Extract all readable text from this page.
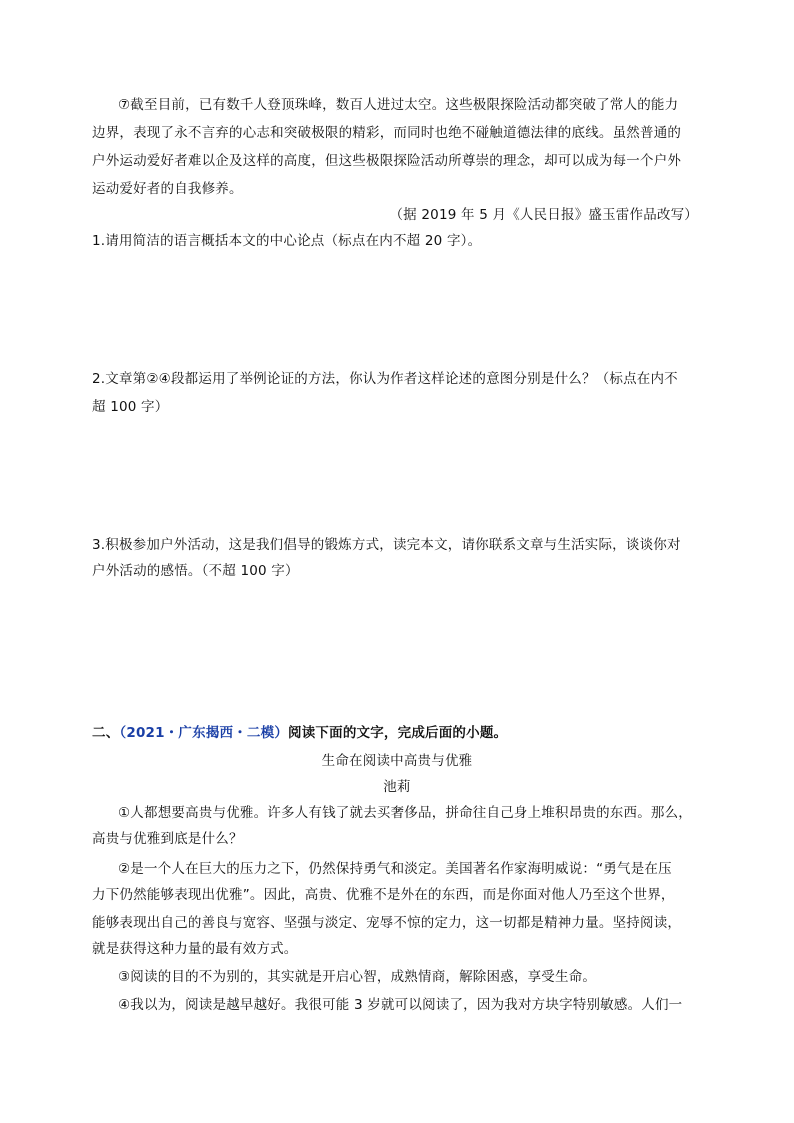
⑦截至目前，已有数千人登顶珠峰，数百人进过太空。这些极限探险活动都突破了常人的能力
边界，表现了永不言弃的心志和突破极限的精彩，而同时也绝不碰触道德法律的底线。虽然普通的
户外运动爱好者难以企及这样的高度，但这些极限探险活动所尊崇的理念，却可以成为每一个户外
运动爱好者的自我修养。
（据 2019 年 5 月《人民日报》盛玉雷作品改写）
1.请用简洁的语言概括本文的中心论点（标点在内不超 20 字）。
2.文章第②④段都运用了举例论证的方法，你认为作者这样论述的意图分别是什么？（标点在内不
超 100 字）
3.积极参加户外活动，这是我们倡导的锻炼方式，读完本文，请你联系文章与生活实际，谈谈你对
户外活动的感悟。（不超 100 字）
二、（2021・广东揭西・二模）阅读下面的文字，完成后面的小题。
生命在阅读中高贵与优雅
池莉
①人都想要高贵与优雅。许多人有钱了就去买奢侈品，拼命往自己身上堆积昂贵的东西。那么，
高贵与优雅到底是什么？
②是一个人在巨大的压力之下，仍然保持勇气和淡定。美国著名作家海明威说：“勇气是在压
力下仍然能够表现出优雅”。因此，高贵、优雅不是外在的东西，而是你面对他人乃至这个世界，
能够表现出自己的善良与宽容、坚强与淡定、宠辱不惊的定力，这一切都是精神力量。坚持阅读，
就是获得这种力量的最有效方式。
③阅读的目的不为别的，其实就是开启心智，成熟情商，解除困惑，享受生命。
④我以为，阅读是越早越好。我很可能 3 岁就可以阅读了，因为我对方块字特别敏感。人们一
